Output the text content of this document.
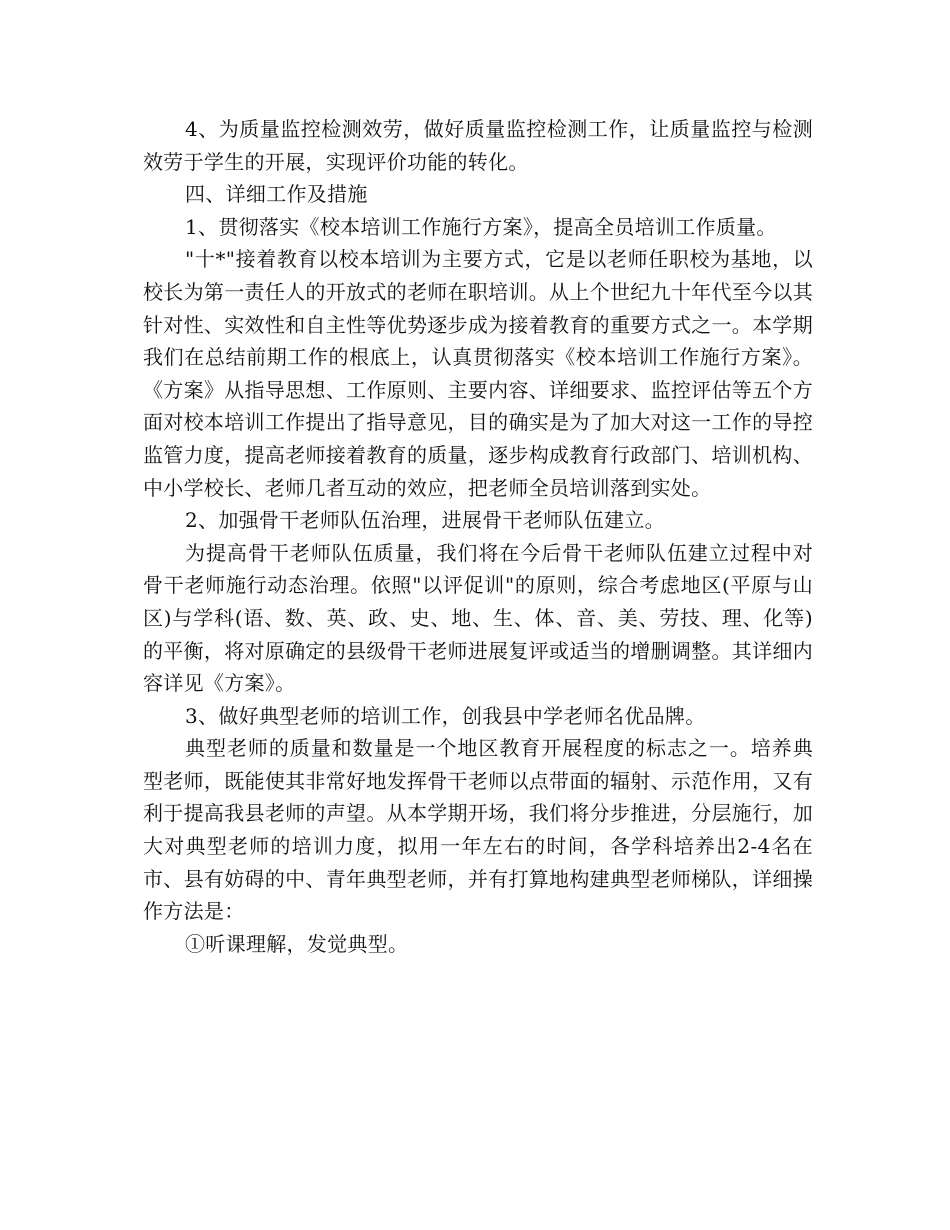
4、为质量监控检测效劳，做好质量监控检测工作，让质量监控与检测效劳于学生的开展，实现评价功能的转化。

四、详细工作及措施

1、贯彻落实《校本培训工作施行方案》，提高全员培训工作质量。

"十*"接着教育以校本培训为主要方式，它是以老师任职校为基地，以校长为第一责任人的开放式的老师在职培训。从上个世纪九十年代至今以其针对性、实效性和自主性等优势逐步成为接着教育的重要方式之一。本学期我们在总结前期工作的根底上，认真贯彻落实《校本培训工作施行方案》。《方案》从指导思想、工作原则、主要内容、详细要求、监控评估等五个方面对校本培训工作提出了指导意见，目的确实是为了加大对这一工作的导控监管力度，提高老师接着教育的质量，逐步构成教育行政部门、培训机构、中小学校长、老师几者互动的效应，把老师全员培训落到实处。

2、加强骨干老师队伍治理，进展骨干老师队伍建立。

为提高骨干老师队伍质量，我们将在今后骨干老师队伍建立过程中对骨干老师施行动态治理。依照"以评促训"的原则，综合考虑地区(平原与山区)与学科(语、数、英、政、史、地、生、体、音、美、劳技、理、化等)的平衡，将对原确定的县级骨干老师进展复评或适当的增删调整。其详细内容详见《方案》。

3、做好典型老师的培训工作，创我县中学老师名优品牌。

典型老师的质量和数量是一个地区教育开展程度的标志之一。培养典型老师，既能使其非常好地发挥骨干老师以点带面的辐射、示范作用，又有利于提高我县老师的声望。从本学期开场，我们将分步推进，分层施行，加大对典型老师的培训力度，拟用一年左右的时间，各学科培养出2-4名在市、县有妨碍的中、青年典型老师，并有打算地构建典型老师梯队，详细操作方法是：

①听课理解，发觉典型。
